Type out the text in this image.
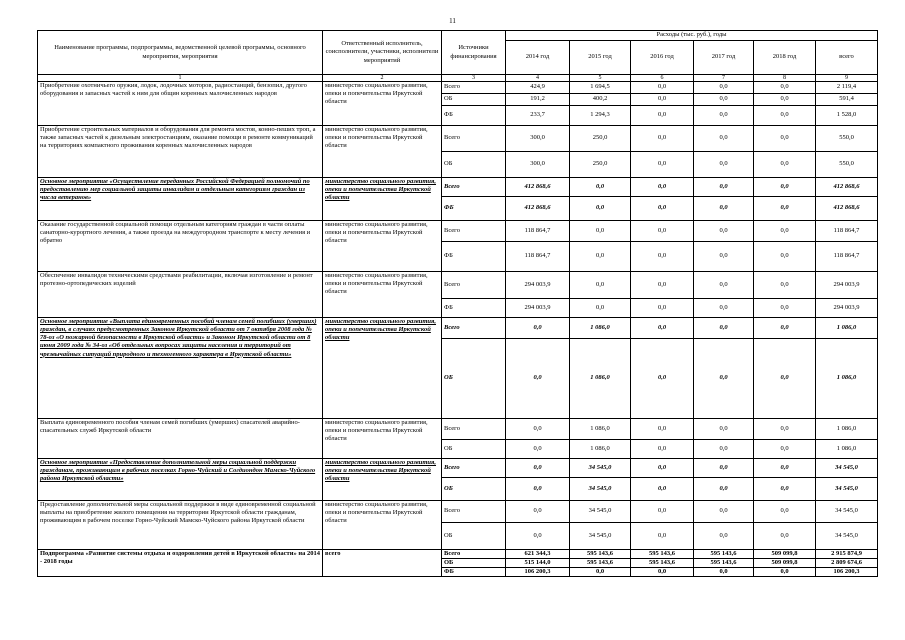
11
Наименование программы, подпрограммы, ведомственной целевой программы, основного мероприятия, мероприятия	Ответственный исполнитель, соисполнители, участники, исполнители мероприятий	Источники финансирования	Расходы (тыс. руб.), годы					
			2014 год	2015 год	2016 год	2017 год	2018 год	всего
1	2	3	4	5	6	7	8	9
Приобретение охотничьего оружия, лодок, лодочных моторов, радиостанций, бензопил, другого оборудования и запасных частей к ним для общин коренных малочисленных народов	министерство социального развития, опеки и попечительства Иркутской области	Всего	424,9	1 694,5	0,0	0,0	0,0	2 119,4
		ОБ	191,2	400,2	0,0	0,0	0,0	591,4
		ФБ	233,7	1 294,3	0,0	0,0	0,0	1 528,0
Приобретение строительных материалов и оборудования для ремонта мостов, конно-пеших троп, а также запасных частей к дизельным электростанциям, оказание помощи в ремонте коммуникаций на территориях компактного проживания коренных малочисленных народов	министерство социального развития, опеки и попечительства Иркутской области	Всего	300,0	250,0	0,0	0,0	0,0	550,0
		ОБ	300,0	250,0	0,0	0,0	0,0	550,0
Основное мероприятие «Осуществление переданных Российской Федерацией полномочий по предоставлению мер социальной защиты инвалидам и отдельным категориям граждан из числа ветеранов»	министерство социального развития, опеки и попечительства Иркутской области	Всего	412 868,6	0,0	0,0	0,0	0,0	412 868,6
		ФБ	412 868,6	0,0	0,0	0,0	0,0	412 868,6
Оказание государственной социальной помощи отдельным категориям граждан в части оплаты санаторно-курортного лечения, а также проезда на междугородном транспорте к месту лечения и обратно	министерство социального развития, опеки и попечительства Иркутской области	Всего	118 864,7	0,0	0,0	0,0	0,0	118 864,7
		ФБ	118 864,7	0,0	0,0	0,0	0,0	118 864,7
Обеспечение инвалидов техническими средствами реабилитации, включая изготовление и ремонт протезно-ортопедических изделий	министерство социального развития, опеки и попечительства Иркутской области	Всего	294 003,9	0,0	0,0	0,0	0,0	294 003,9
		ФБ	294 003,9	0,0	0,0	0,0	0,0	294 003,9
Основное мероприятие «Выплата единовременных пособий членам семей погибших (умерших) граждан, в случаях предусмотренных Законом Иркутской области от 7 октября 2008 года № 78-оз «О пожарной безопасности в Иркутской области» и Законом Иркутской области от 8 июня 2009 года № 34-оз «Об отдельных вопросах защиты населения и территорий от чрезвычайных ситуаций природного и техногенного характера в Иркутской области»	министерство социального развития, опеки и попечительства Иркутской области	Всего	0,0	1 086,0	0,0	0,0	0,0	1 086,0
		ОБ	0,0	1 086,0	0,0	0,0	0,0	1 086,0
Выплата единовременного пособия членам семей погибших (умерших) спасателей аварийно-спасательных служб Иркутской области	министерство социального развития, опеки и попечительства Иркутской области	Всего	0,0	1 086,0	0,0	0,0	0,0	1 086,0
		ОБ	0,0	1 086,0	0,0	0,0	0,0	1 086,0
Основное мероприятие «Предоставление дополнительной меры социальной поддержки гражданам, проживающим в рабочих поселках Горно-Чуйский и Согдиондон Мамско-Чуйского района Иркутской области»	министерство социального развития, опеки и попечительства Иркутской области	Всего	0,0	34 545,0	0,0	0,0	0,0	34 545,0
		ОБ	0,0	34 545,0	0,0	0,0	0,0	34 545,0
Предоставление дополнительной меры социальной поддержки в виде единовременной социальной выплаты на приобретение жилого помещения на территории Иркутской области гражданам, проживающим в рабочем поселке Горно-Чуйский Мамско-Чуйского района Иркутской области	министерство социального развития, опеки и попечительства Иркутской области	Всего	0,0	34 545,0	0,0	0,0	0,0	34 545,0
		ОБ	0,0	34 545,0	0,0	0,0	0,0	34 545,0
Подпрограмма «Развитие системы отдыха и оздоровления детей в Иркутской области» на 2014 - 2018 годы	всего	Всего	621 344,3	595 143,6	595 143,6	595 143,6	509 099,8	2 915 874,9
		ОБ	515 144,0	595 143,6	595 143,6	595 143,6	509 099,8	2 809 674,6
		ФБ	106 200,3	0,0	0,0	0,0	0,0	106 200,3
